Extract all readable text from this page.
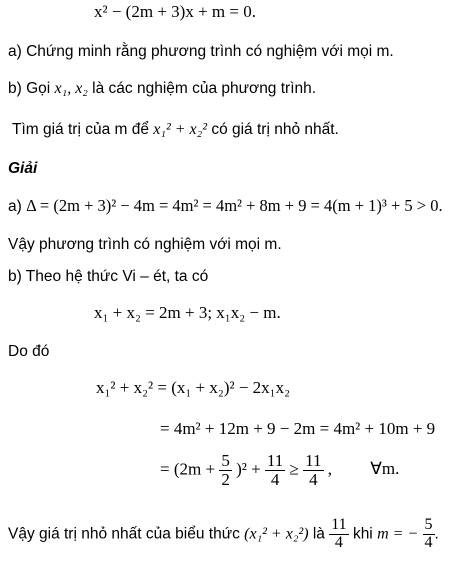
x² − (2m + 3)x + m = 0.
a) Chứng minh rằng phương trình có nghiệm với mọi m.
b) Gọi x₁, x₂ là các nghiệm của phương trình.
Tìm giá trị của m để x₁² + x₂² có giá trị nhỏ nhất.
Giải
a) Δ = (2m + 3)² − 4m = 4m² = 4m² + 8m + 9 = 4(m + 1)³ + 5 > 0.
Vậy phương trình có nghiệm với mọi m.
b) Theo hệ thức Vi – ét, ta có
x₁ + x₂ = 2m + 3; x₁x₂ − m.
Do đó
x₁² + x₂² = (x₁ + x₂)² − 2x₁x₂
= 4m² + 12m + 9 − 2m = 4m² + 10m + 9
= $(2m + \frac{5}{2} )^2 + \frac{11}{4} \ge \frac{11}{4}$ , ∀m.
Vậy giá trị nhỏ nhất của biểu thức (x₁² + x₂²) là $\frac{11}{4}$ khi m = − $\frac{5}{4}$ .
